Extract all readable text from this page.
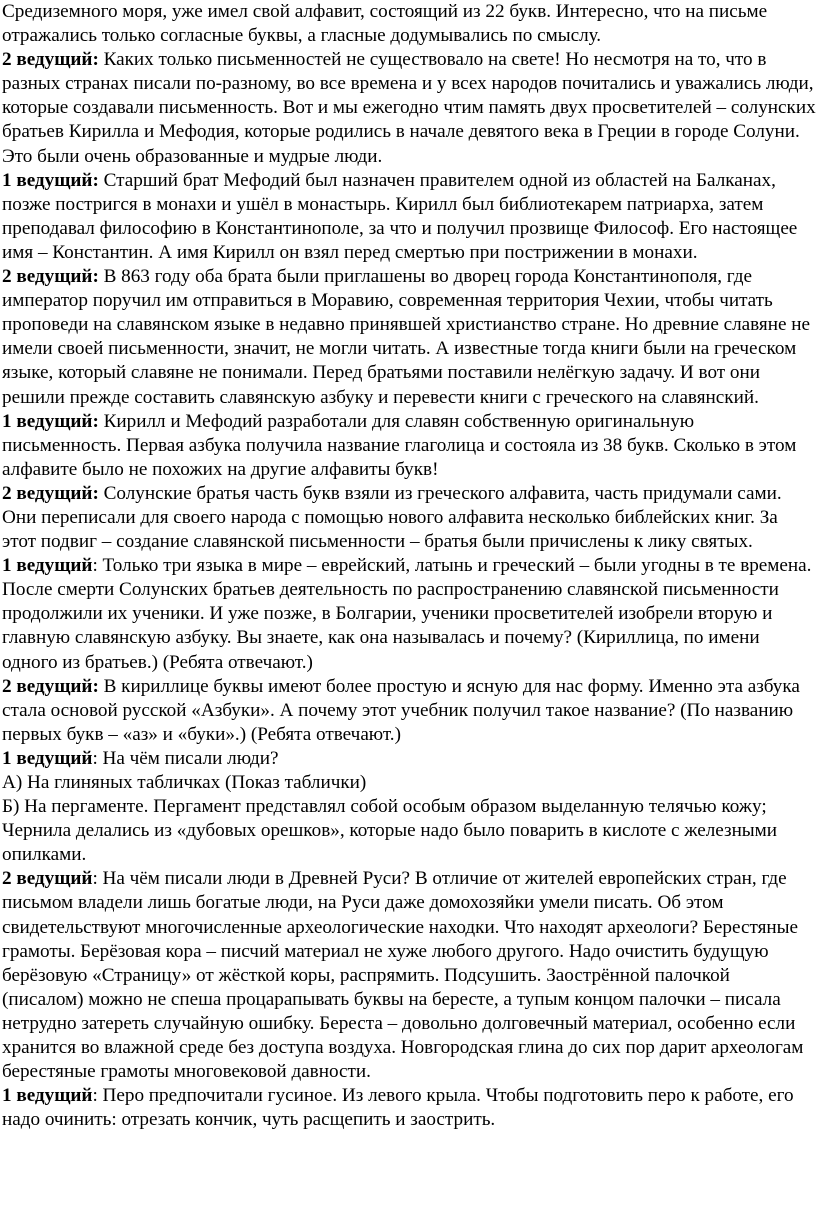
Средиземного моря, уже имел свой алфавит, состоящий из 22 букв. Интересно, что на письме отражались только согласные буквы, а гласные додумывались по смыслу.

2 ведущий: Каких только письменностей не существовало на свете! Но несмотря на то, что в разных странах писали по-разному, во все времена и у всех народов почитались и уважались люди, которые создавали письменность. Вот и мы ежегодно чтим память двух просветителей – солунских братьев Кирилла и Мефодия, которые родились в начале девятого века в Греции в городе Солуни. Это были очень образованные и мудрые люди.

1 ведущий: Старший брат Мефодий был назначен правителем одной из областей на Балканах, позже постригся в монахи и ушёл в монастырь. Кирилл был библиотекарем патриарха, затем преподавал философию в Константинополе, за что и получил прозвище Философ. Его настоящее имя – Константин. А имя Кирилл он взял перед смертью при пострижении в монахи.

2 ведущий: В 863 году оба брата были приглашены во дворец города Константинополя, где император поручил им отправиться в Моравию, современная территория Чехии, чтобы читать проповеди на славянском языке в недавно принявшей христианство стране. Но древние славяне не имели своей письменности, значит, не могли читать. А известные тогда книги были на греческом языке, который славяне не понимали. Перед братьями поставили нелёгкую задачу. И вот они решили прежде составить славянскую азбуку и перевести книги с греческого на славянский.

1 ведущий: Кирилл и Мефодий разработали для славян собственную оригинальную письменность. Первая азбука получила название глаголица и состояла из 38 букв. Сколько в этом алфавите было не похожих на другие алфавиты букв!

2 ведущий: Солунские братья часть букв взяли из греческого алфавита, часть придумали сами. Они переписали для своего народа с помощью нового алфавита несколько библейских книг. За этот подвиг – создание славянской письменности – братья были причислены к лику святых.

1 ведущий: Только три языка в мире – еврейский, латынь и греческий – были угодны в те времена. После смерти Солунских братьев деятельность по распространению славянской письменности продолжили их ученики. И уже позже, в Болгарии, ученики просветителей изобрели вторую и главную славянскую азбуку. Вы знаете, как она называлась и почему? (Кириллица, по имени одного из братьев.) (Ребята отвечают.)

2 ведущий: В кириллице буквы имеют более простую и ясную для нас форму. Именно эта азбука стала основой русской «Азбуки». А почему этот учебник получил такое название? (По названию первых букв – «аз» и «буки».) (Ребята отвечают.)

1 ведущий: На чём писали люди?

А) На глиняных табличках (Показ таблички)

Б) На пергаменте. Пергамент представлял собой особым образом выделанную телячью кожу; Чернила делались из «дубовых орешков», которые надо было поварить в кислоте с железными опилками.

2 ведущий: На чём писали люди в Древней Руси? В отличие от жителей европейских стран, где письмом владели лишь богатые люди, на Руси даже домохозяйки умели писать. Об этом свидетельствуют многочисленные археологические находки. Что находят археологи? Берестяные грамоты. Берёзовая кора – писчий материал не хуже любого другого. Надо очистить будущую берёзовую «Страницу» от жёсткой коры, распрямить. Подсушить. Заострённой палочкой (писалом) можно не спеша процарапывать буквы на бересте, а тупым концом палочки – писала нетрудно затереть случайную ошибку. Береста – довольно долговечный материал, особенно если хранится во влажной среде без доступа воздуха. Новгородская глина до сих пор дарит археологам берестяные грамоты многовековой давности.

1 ведущий: Перо предпочитали гусиное. Из левого крыла. Чтобы подготовить перо к работе, его надо очинить: отрезать кончик, чуть расщепить и заострить.
